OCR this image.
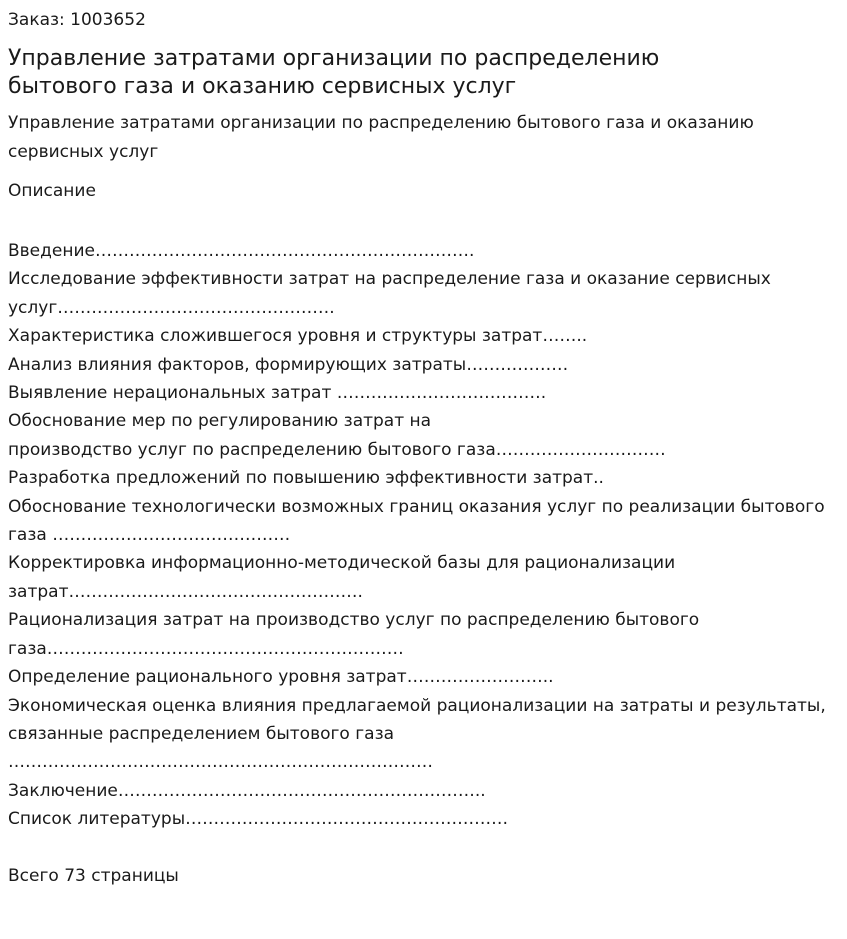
Заказ: 1003652

Управление затратами организации по распределению бытового газа и оказанию сервисных услуг

Управление затратами организации по распределению бытового газа и оказанию сервисных услуг

Описание

Введение………………………………………………………….
Исследование эффективности затрат на распределение газа и оказание сервисных услуг………………………………………….
Характеристика сложившегося уровня и структуры затрат……..
Анализ влияния факторов, формирующих затраты………………
Выявление нерациональных затрат ……………………………….
Обоснование мер по регулированию затрат на
производство услуг по распределению бытового газа…………………………
Разработка предложений по повышению эффективности затрат..
Обоснование технологически возможных границ оказания услуг по реализации бытового газа ……………………………………
Корректировка информационно-методической базы для рационализации затрат…………………………………………….
Рационализация затрат на производство услуг по распределению бытового газа………………………………………………………
Определение рационального уровня затрат……………………..
Экономическая оценка влияния предлагаемой рационализации на затраты и результаты, связанные распределением бытового газа
…………………………………………………………………
Заключение………………………………………………………..
Список литературы…………………………………………………

Всего 73 страницы
